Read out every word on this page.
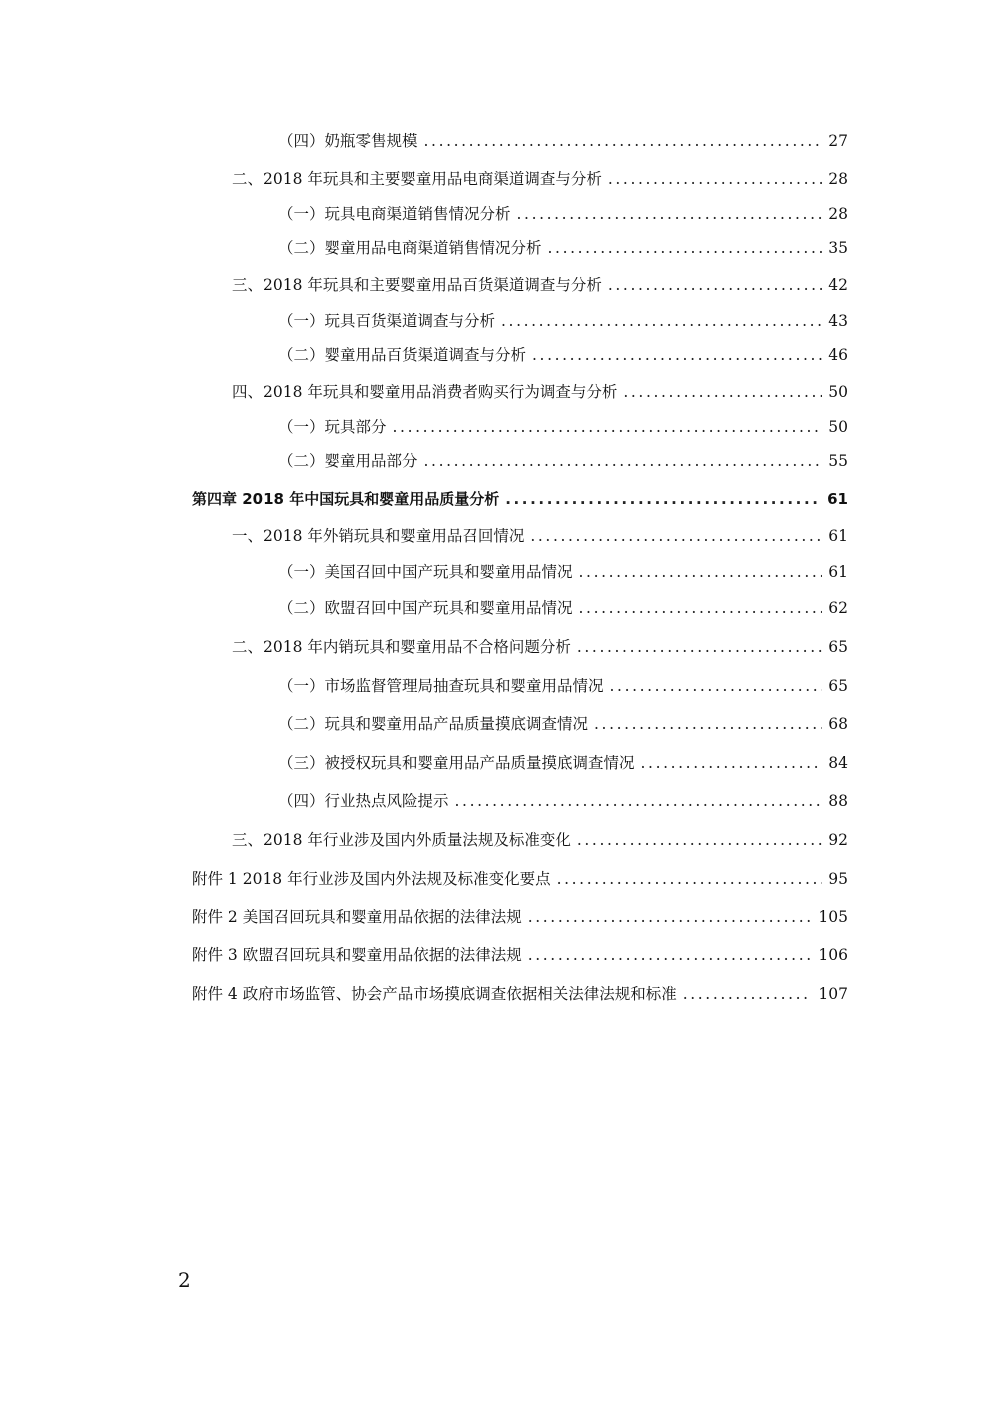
（四）奶瓶零售规模 .....	27
二、2018 年玩具和主要婴童用品电商渠道调查与分析 .....	28
（一）玩具电商渠道销售情况分析 .....	28
（二）婴童用品电商渠道销售情况分析 .....	35
三、2018 年玩具和主要婴童用品百货渠道调查与分析 .....	42
（一）玩具百货渠道调查与分析 .....	43
（二）婴童用品百货渠道调查与分析 .....	46
四、2018 年玩具和婴童用品消费者购买行为调查与分析 .....	50
（一）玩具部分 .....	50
（二）婴童用品部分 .....	55
第四章 2018 年中国玩具和婴童用品质量分析 .....	61
一、2018 年外销玩具和婴童用品召回情况 .....	61
（一）美国召回中国产玩具和婴童用品情况 .....	61
（二）欧盟召回中国产玩具和婴童用品情况 .....	62
二、2018 年内销玩具和婴童用品不合格问题分析 .....	65
（一）市场监督管理局抽查玩具和婴童用品情况 .....	65
（二）玩具和婴童用品产品质量摸底调查情况 .....	68
（三）被授权玩具和婴童用品产品质量摸底调查情况 .....	84
（四）行业热点风险提示 .....	88
三、2018 年行业涉及国内外质量法规及标准变化 .....	92
附件 1 2018 年行业涉及国内外法规及标准变化要点 .....	95
附件 2 美国召回玩具和婴童用品依据的法律法规 .....	105
附件 3 欧盟召回玩具和婴童用品依据的法律法规 .....	106
附件 4 政府市场监管、协会产品市场摸底调查依据相关法律法规和标准 .....	107
2
